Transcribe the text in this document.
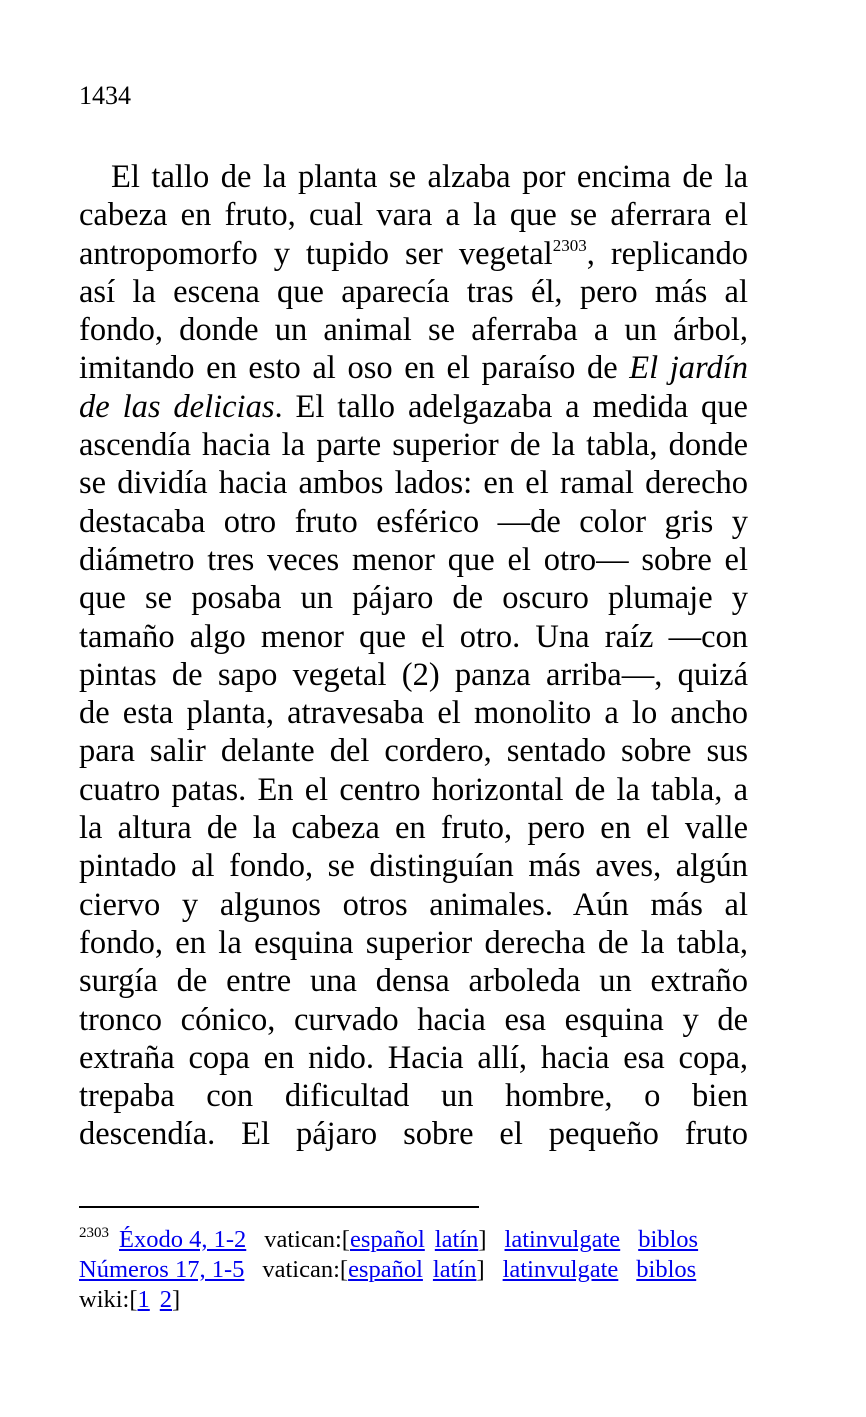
1434
El tallo de la planta se alzaba por encima de la
cabeza en fruto, cual vara a la que se aferrara el
antropomorfo y tupido ser vegetal$^{2303}$, replicando
así la escena que aparecía tras él, pero más al
fondo, donde un animal se aferraba a un árbol,
imitando en esto al oso en el paraíso de El jardín
de las delicias. El tallo adelgazaba a medida que
ascendía hacia la parte superior de la tabla, donde
se dividía hacia ambos lados: en el ramal derecho
destacaba otro fruto esférico —de color gris y
diámetro tres veces menor que el otro— sobre el
que se posaba un pájaro de oscuro plumaje y
tamaño algo menor que el otro. Una raíz —con
pintas de sapo vegetal (2) panza arriba—, quizá
de esta planta, atravesaba el monolito a lo ancho
para salir delante del cordero, sentado sobre sus
cuatro patas. En el centro horizontal de la tabla, a
la altura de la cabeza en fruto, pero en el valle
pintado al fondo, se distinguían más aves, algún
ciervo y algunos otros animales. Aún más al
fondo, en la esquina superior derecha de la tabla,
surgía de entre una densa arboleda un extraño
tronco cónico, curvado hacia esa esquina y de
extraña copa en nido. Hacia allí, hacia esa copa,
trepaba con dificultad un hombre, o bien
descendía. El pájaro sobre el pequeño fruto
$^{2303}$ Éxodo 4, 1-2 vatican:[español latín] latinvulgate biblos
Números 17, 1-5 vatican:[español latín] latinvulgate biblos
wiki:[1 2]
